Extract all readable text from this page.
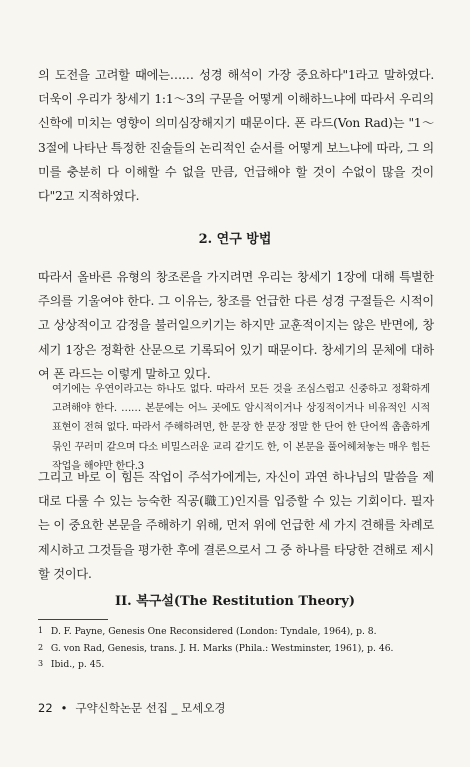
의 도전을 고려할 때에는…… 성경 해석이 가장 중요하다"1라고 말하였다. 더욱이 우리가 창세기 1:1～3의 구문을 어떻게 이해하느냐에 따라서 우리의 신학에 미치는 영향이 의미심장해지기 때문이다. 폰 라드(Von Rad)는 "1～3절에 나타난 특정한 진술들의 논리적인 순서를 어떻게 보느냐에 따라, 그 의미를 충분히 다 이해할 수 없을 만큼, 언급해야 할 것이 수없이 많을 것이다"2고 지적하였다.

2. 연구 방법

따라서 올바른 유형의 창조론을 가지려면 우리는 창세기 1장에 대해 특별한 주의를 기울여야 한다. 그 이유는, 창조를 언급한 다른 성경 구절들은 시적이고 상상적이고 감정을 불러일으키기는 하지만 교훈적이지는 않은 반면에, 창세기 1장은 정확한 산문으로 기록되어 있기 때문이다. 창세기의 문체에 대하여 폰 라드는 이렇게 말하고 있다.

여기에는 우연이라고는 하나도 없다. 따라서 모든 것을 조심스럽고 신중하고 정확하게 고려해야 한다. …… 본문에는 어느 곳에도 암시적이거나 상징적이거나 비유적인 시적 표현이 전혀 없다. 따라서 주해하려면, 한 문장 한 문장 정말 한 단어 한 단어씩 촘촘하게 묶인 꾸러미 같으며 다소 비밀스러운 교리 같기도 한, 이 본문을 풀어헤쳐놓는 매우 힘든 작업을 해야만 한다.3

그리고 바로 이 힘든 작업이 주석가에게는, 자신이 과연 하나님의 말씀을 제대로 다룰 수 있는 능숙한 직공(職工)인지를 입증할 수 있는 기회이다. 필자는 이 중요한 본문을 주해하기 위해, 먼저 위에 언급한 세 가지 견해를 차례로 제시하고 그것들을 평가한 후에 결론으로서 그 중 하나를 타당한 견해로 제시할 것이다.

II. 복구설(The Restitution Theory)
1 D. F. Payne, Genesis One Reconsidered (London: Tyndale, 1964), p. 8.
2 G. von Rad, Genesis, trans. J. H. Marks (Phila.: Westminster, 1961), p. 46.
3 Ibid., p. 45.
22 • 구약신학논문 선집 _ 모세오경
